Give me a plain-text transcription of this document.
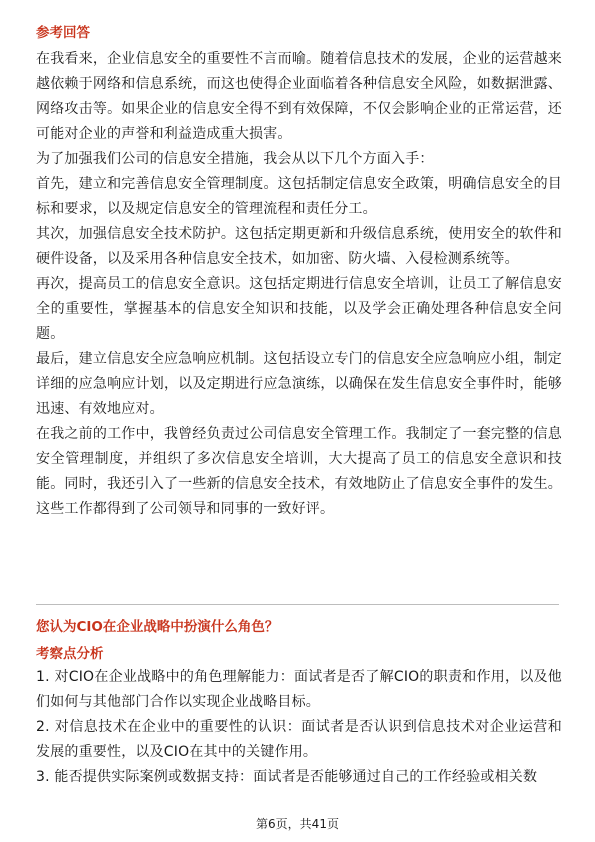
参考回答

在我看来，企业信息安全的重要性不言而喻。随着信息技术的发展，企业的运营越来越依赖于网络和信息系统，而这也使得企业面临着各种信息安全风险，如数据泄露、网络攻击等。如果企业的信息安全得不到有效保障，不仅会影响企业的正常运营，还可能对企业的声誉和利益造成重大损害。

为了加强我们公司的信息安全措施，我会从以下几个方面入手：

首先，建立和完善信息安全管理制度。这包括制定信息安全政策，明确信息安全的目标和要求，以及规定信息安全的管理流程和责任分工。

其次，加强信息安全技术防护。这包括定期更新和升级信息系统，使用安全的软件和硬件设备，以及采用各种信息安全技术，如加密、防火墙、入侵检测系统等。

再次，提高员工的信息安全意识。这包括定期进行信息安全培训，让员工了解信息安全的重要性，掌握基本的信息安全知识和技能，以及学会正确处理各种信息安全问题。

最后，建立信息安全应急响应机制。这包括设立专门的信息安全应急响应小组，制定详细的应急响应计划，以及定期进行应急演练，以确保在发生信息安全事件时，能够迅速、有效地应对。

在我之前的工作中，我曾经负责过公司信息安全管理工作。我制定了一套完整的信息安全管理制度，并组织了多次信息安全培训，大大提高了员工的信息安全意识和技能。同时，我还引入了一些新的信息安全技术，有效地防止了信息安全事件的发生。这些工作都得到了公司领导和同事的一致好评。

您认为CIO在企业战略中扮演什么角色？
考察点分析

1. 对CIO在企业战略中的角色理解能力：面试者是否了解CIO的职责和作用，以及他们如何与其他部门合作以实现企业战略目标。

2. 对信息技术在企业中的重要性的认识：面试者是否认识到信息技术对企业运营和发展的重要性，以及CIO在其中的关键作用。

3. 能否提供实际案例或数据支持：面试者是否能够通过自己的工作经验或相关数

第6页，共41页
